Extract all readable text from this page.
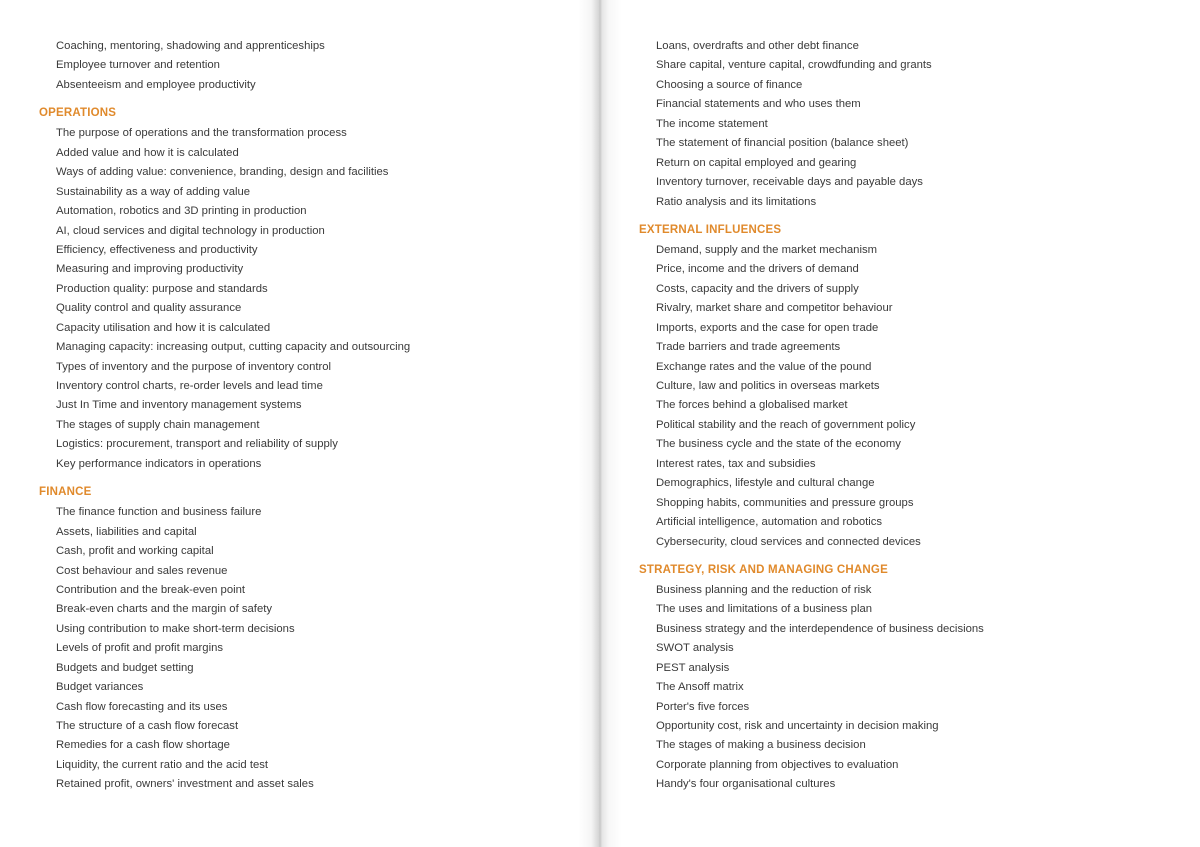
Coaching, mentoring, shadowing and apprenticeships
Employee turnover and retention
Absenteeism and employee productivity
OPERATIONS
The purpose of operations and the transformation process
Added value and how it is calculated
Ways of adding value: convenience, branding, design and facilities
Sustainability as a way of adding value
Automation, robotics and 3D printing in production
AI, cloud services and digital technology in production
Efficiency, effectiveness and productivity
Measuring and improving productivity
Production quality: purpose and standards
Quality control and quality assurance
Capacity utilisation and how it is calculated
Managing capacity: increasing output, cutting capacity and outsourcing
Types of inventory and the purpose of inventory control
Inventory control charts, re-order levels and lead time
Just In Time and inventory management systems
The stages of supply chain management
Logistics: procurement, transport and reliability of supply
Key performance indicators in operations
FINANCE
The finance function and business failure
Assets, liabilities and capital
Cash, profit and working capital
Cost behaviour and sales revenue
Contribution and the break-even point
Break-even charts and the margin of safety
Using contribution to make short-term decisions
Levels of profit and profit margins
Budgets and budget setting
Budget variances
Cash flow forecasting and its uses
The structure of a cash flow forecast
Remedies for a cash flow shortage
Liquidity, the current ratio and the acid test
Retained profit, owners' investment and asset sales
Loans, overdrafts and other debt finance
Share capital, venture capital, crowdfunding and grants
Choosing a source of finance
Financial statements and who uses them
The income statement
The statement of financial position (balance sheet)
Return on capital employed and gearing
Inventory turnover, receivable days and payable days
Ratio analysis and its limitations
EXTERNAL INFLUENCES
Demand, supply and the market mechanism
Price, income and the drivers of demand
Costs, capacity and the drivers of supply
Rivalry, market share and competitor behaviour
Imports, exports and the case for open trade
Trade barriers and trade agreements
Exchange rates and the value of the pound
Culture, law and politics in overseas markets
The forces behind a globalised market
Political stability and the reach of government policy
The business cycle and the state of the economy
Interest rates, tax and subsidies
Demographics, lifestyle and cultural change
Shopping habits, communities and pressure groups
Artificial intelligence, automation and robotics
Cybersecurity, cloud services and connected devices
STRATEGY, RISK AND MANAGING CHANGE
Business planning and the reduction of risk
The uses and limitations of a business plan
Business strategy and the interdependence of business decisions
SWOT analysis
PEST analysis
The Ansoff matrix
Porter's five forces
Opportunity cost, risk and uncertainty in decision making
The stages of making a business decision
Corporate planning from objectives to evaluation
Handy's four organisational cultures
